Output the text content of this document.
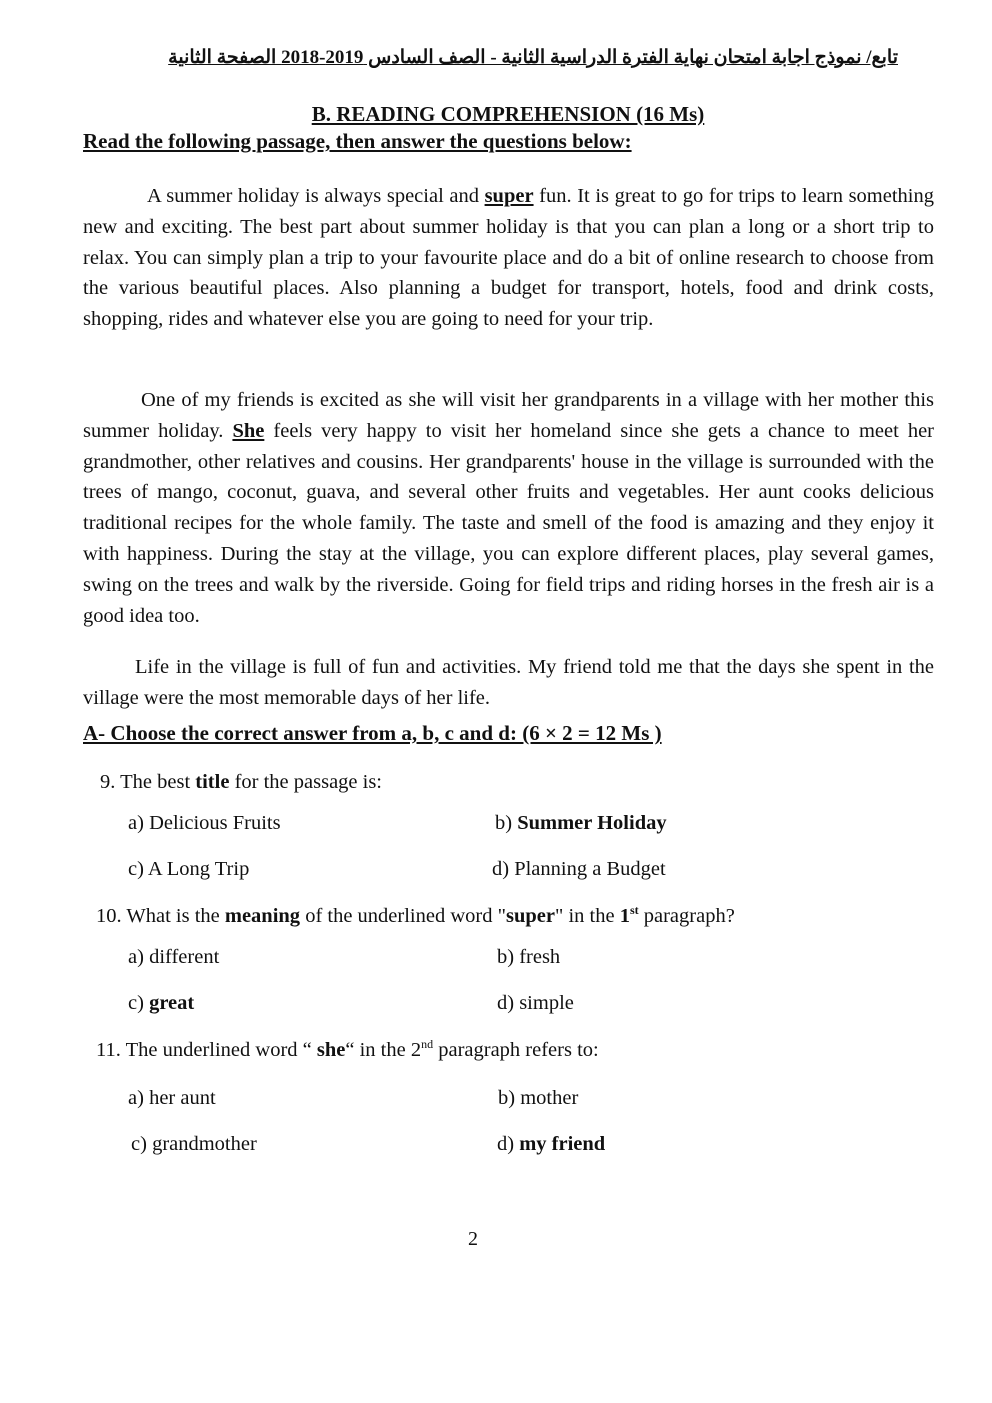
تابع/ نموذج اجابة امتحان نهاية الفترة الدراسية الثانية - الصف السادس 2019-2018 الصفحة الثانية
B. READING COMPREHENSION (16 Ms)
Read the following passage, then answer the questions below:

A summer holiday is always special and super fun. It is great to go for trips to learn something new and exciting. The best part about summer holiday is that you can plan a long or a short trip to relax. You can simply plan a trip to your favourite place and do a bit of online research to choose from the various beautiful places. Also planning a budget for transport, hotels, food and drink costs, shopping, rides and whatever else you are going to need for your trip.

One of my friends is excited as she will visit her grandparents in a village with her mother this summer holiday. She feels very happy to visit her homeland since she gets a chance to meet her grandmother, other relatives and cousins. Her grandparents' house in the village is surrounded with the trees of mango, coconut, guava, and several other fruits and vegetables. Her aunt cooks delicious traditional recipes for the whole family. The taste and smell of the food is amazing and they enjoy it with happiness. During the stay at the village, you can explore different places, play several games, swing on the trees and walk by the riverside. Going for field trips and riding horses in the fresh air is a good idea too.

Life in the village is full of fun and activities. My friend told me that the days she spent in the village were the most memorable days of her life.

A- Choose the correct answer from a, b, c and d: (6 × 2 = 12 Ms )
9. The best title for the passage is:
a) Delicious Fruits	b) Summer Holiday
c) A Long Trip	d) Planning a Budget
10. What is the meaning of the underlined word "super" in the 1st paragraph?
a) different	b) fresh
c) great	d) simple
11. The underlined word “ she“ in the 2nd paragraph refers to:
a) her aunt	b) mother
c) grandmother	d) my friend
2
